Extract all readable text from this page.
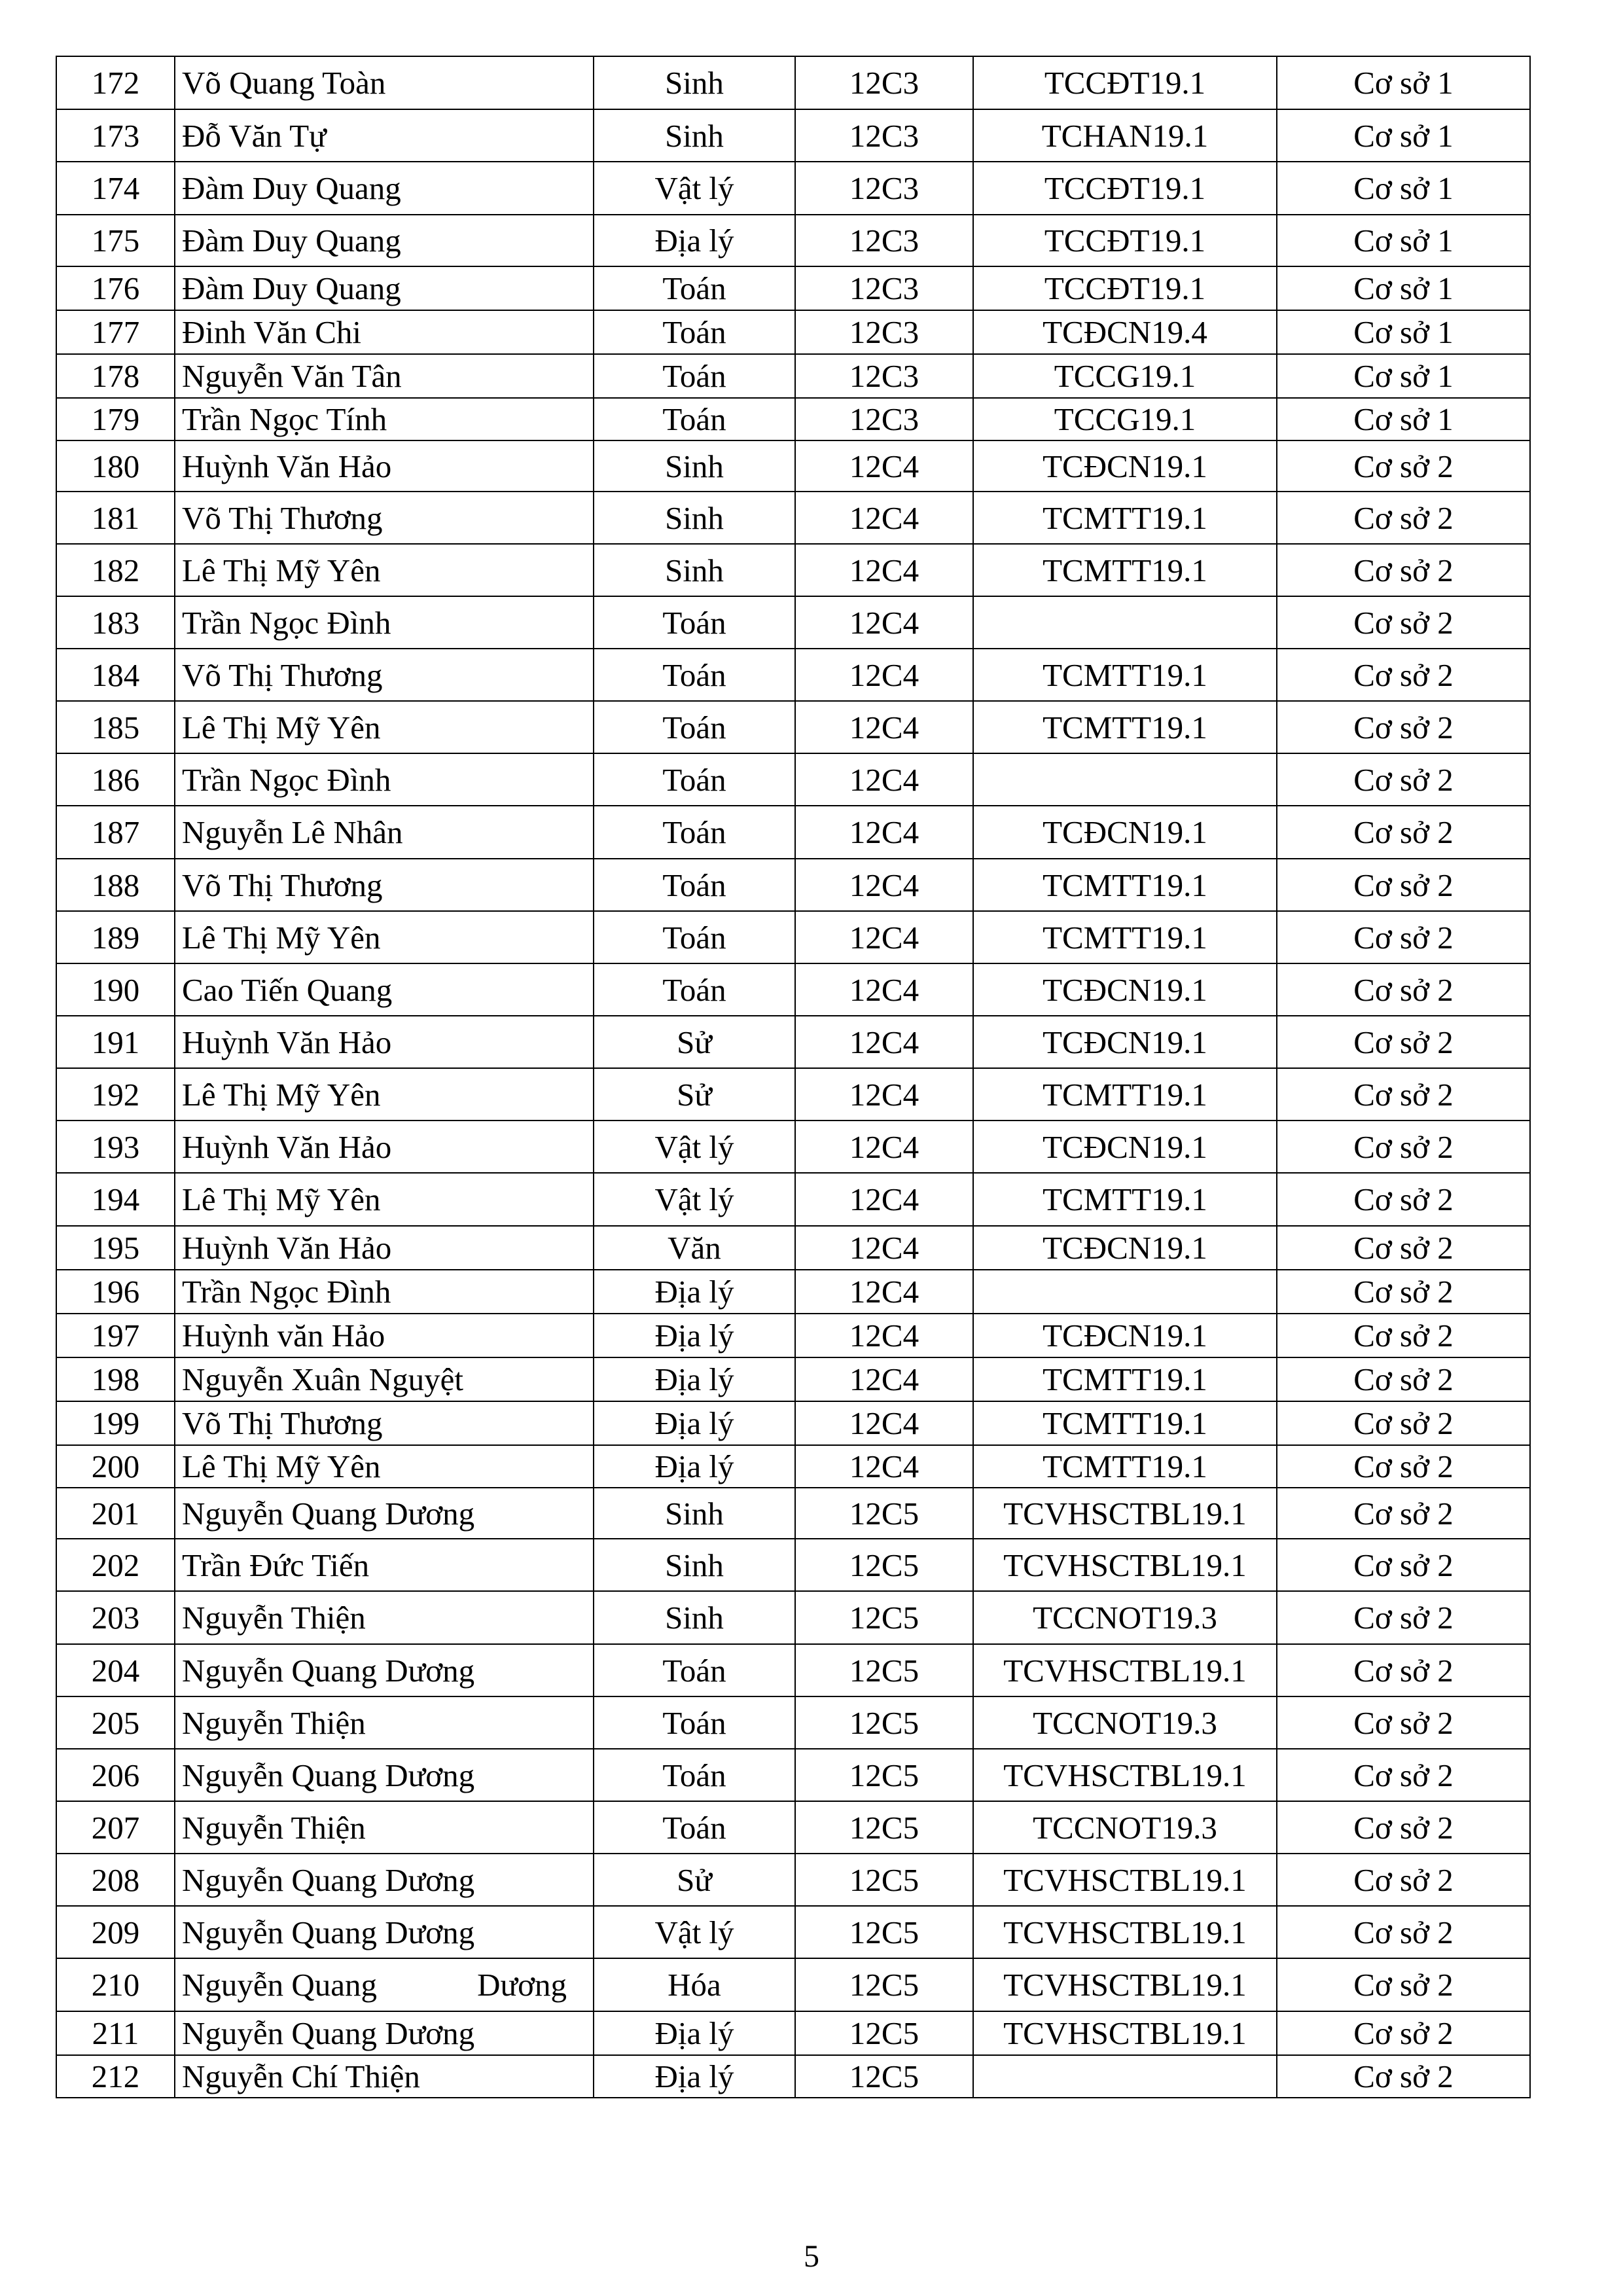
172	Võ Quang Toàn	Sinh	12C3	TCCĐT19.1	Cơ sở 1
173	Đỗ Văn Tự	Sinh	12C3	TCHAN19.1	Cơ sở 1
174	Đàm Duy Quang	Vật lý	12C3	TCCĐT19.1	Cơ sở 1
175	Đàm Duy Quang	Địa lý	12C3	TCCĐT19.1	Cơ sở 1
176	Đàm Duy Quang	Toán	12C3	TCCĐT19.1	Cơ sở 1
177	Đinh Văn Chi	Toán	12C3	TCĐCN19.4	Cơ sở 1
178	Nguyễn Văn Tân	Toán	12C3	TCCG19.1	Cơ sở 1
179	Trần Ngọc Tính	Toán	12C3	TCCG19.1	Cơ sở 1
180	Huỳnh Văn Hảo	Sinh	12C4	TCĐCN19.1	Cơ sở 2
181	Võ Thị Thương	Sinh	12C4	TCMTT19.1	Cơ sở 2
182	Lê Thị Mỹ Yên	Sinh	12C4	TCMTT19.1	Cơ sở 2
183	Trần Ngọc Đình	Toán	12C4		Cơ sở 2
184	Võ Thị Thương	Toán	12C4	TCMTT19.1	Cơ sở 2
185	Lê Thị Mỹ Yên	Toán	12C4	TCMTT19.1	Cơ sở 2
186	Trần Ngọc Đình	Toán	12C4		Cơ sở 2
187	Nguyễn Lê Nhân	Toán	12C4	TCĐCN19.1	Cơ sở 2
188	Võ Thị Thương	Toán	12C4	TCMTT19.1	Cơ sở 2
189	Lê Thị Mỹ Yên	Toán	12C4	TCMTT19.1	Cơ sở 2
190	Cao Tiến Quang	Toán	12C4	TCĐCN19.1	Cơ sở 2
191	Huỳnh Văn Hảo	Sử	12C4	TCĐCN19.1	Cơ sở 2
192	Lê Thị Mỹ Yên	Sử	12C4	TCMTT19.1	Cơ sở 2
193	Huỳnh Văn Hảo	Vật lý	12C4	TCĐCN19.1	Cơ sở 2
194	Lê Thị Mỹ Yên	Vật lý	12C4	TCMTT19.1	Cơ sở 2
195	Huỳnh Văn Hảo	Văn	12C4	TCĐCN19.1	Cơ sở 2
196	Trần Ngọc Đình	Địa lý	12C4		Cơ sở 2
197	Huỳnh văn Hảo	Địa lý	12C4	TCĐCN19.1	Cơ sở 2
198	Nguyễn Xuân Nguyệt	Địa lý	12C4	TCMTT19.1	Cơ sở 2
199	Võ Thị Thương	Địa lý	12C4	TCMTT19.1	Cơ sở 2
200	Lê Thị Mỹ Yên	Địa lý	12C4	TCMTT19.1	Cơ sở 2
201	Nguyễn Quang Dương	Sinh	12C5	TCVHSCTBL19.1	Cơ sở 2
202	Trần Đức Tiến	Sinh	12C5	TCVHSCTBL19.1	Cơ sở 2
203	Nguyễn Thiện	Sinh	12C5	TCCNOT19.3	Cơ sở 2
204	Nguyễn Quang Dương	Toán	12C5	TCVHSCTBL19.1	Cơ sở 2
205	Nguyễn Thiện	Toán	12C5	TCCNOT19.3	Cơ sở 2
206	Nguyễn Quang Dương	Toán	12C5	TCVHSCTBL19.1	Cơ sở 2
207	Nguyễn Thiện	Toán	12C5	TCCNOT19.3	Cơ sở 2
208	Nguyễn Quang Dương	Sử	12C5	TCVHSCTBL19.1	Cơ sở 2
209	Nguyễn Quang Dương	Vật lý	12C5	TCVHSCTBL19.1	Cơ sở 2
210	Nguyễn Quang Dương	Hóa	12C5	TCVHSCTBL19.1	Cơ sở 2
211	Nguyễn Quang Dương	Địa lý	12C5	TCVHSCTBL19.1	Cơ sở 2
212	Nguyễn Chí Thiện	Địa lý	12C5		Cơ sở 2
5
